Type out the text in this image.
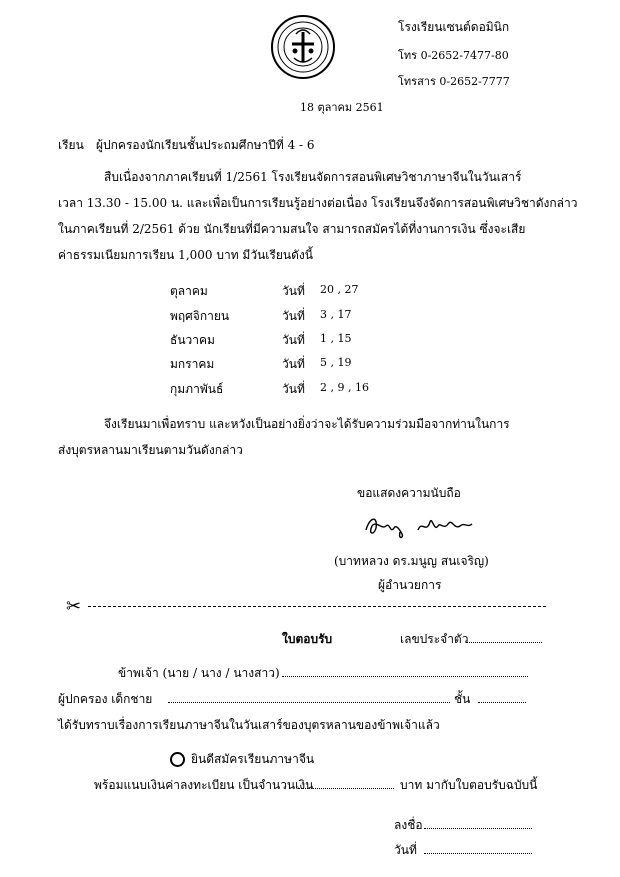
โรงเรียนเซนต์ดอมินิก
โทร 0-2652-7477-80
โทรสาร 0-2652-7777
18 ตุลาคม 2561
เรียน ผู้ปกครองนักเรียนชั้นประถมศึกษาปีที่ 4 - 6
สืบเนื่องจากภาคเรียนที่ 1/2561 โรงเรียนจัดการสอนพิเศษวิชาภาษาจีนในวันเสาร์
เวลา 13.30 - 15.00 น. และเพื่อเป็นการเรียนรู้อย่างต่อเนื่อง โรงเรียนจึงจัดการสอนพิเศษวิชาดังกล่าว
ในภาคเรียนที่ 2/2561 ด้วย นักเรียนที่มีความสนใจ สามารถสมัครได้ที่งานการเงิน ซึ่งจะเสีย
ค่าธรรมเนียมการเรียน 1,000 บาท มีวันเรียนดังนี้
ตุลาคม	วันที่ 20 , 27
พฤศจิกายน	วันที่ 3 , 17
ธันวาคม	วันที่ 1 , 15
มกราคม	วันที่ 5 , 19
กุมภาพันธ์	วันที่ 2 , 9 , 16
จึงเรียนมาเพื่อทราบ และหวังเป็นอย่างยิ่งว่าจะได้รับความร่วมมือจากท่านในการ
ส่งบุตรหลานมาเรียนตามวันดังกล่าว
ขอแสดงความนับถือ
(บาทหลวง ดร.มนูญ สนเจริญ)
ผู้อำนวยการ
✂
ใบตอบรับ	เลขประจำตัว
ข้าพเจ้า (นาย / นาง / นางสาว)
ผู้ปกครอง เด็กชาย	ชั้น
ได้รับทราบเรื่องการเรียนภาษาจีนในวันเสาร์ของบุตรหลานของข้าพเจ้าแล้ว
ยินดีสมัครเรียนภาษาจีน
พร้อมแนบเงินค่าลงทะเบียน เป็นจำนวนเงิน	บาท มากับใบตอบรับฉบับนี้
ลงชื่อ
วันที่
